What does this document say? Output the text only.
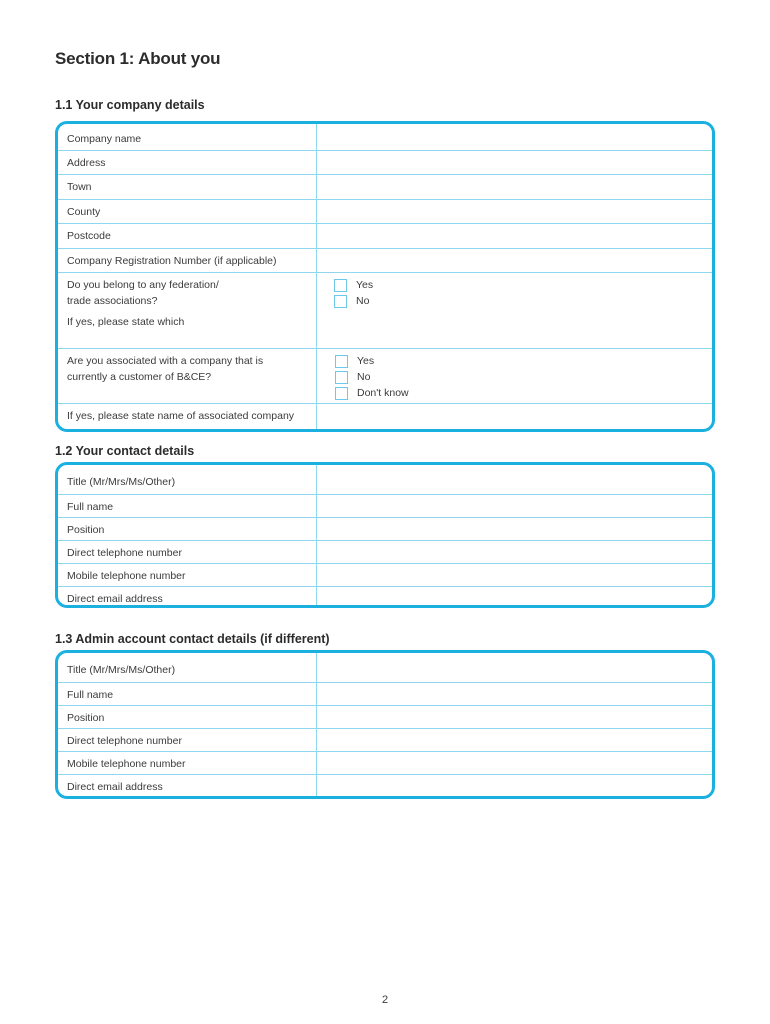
Section 1: About you
1.1 Your company details
Company name
Address
Town
County
Postcode
Company Registration Number (if applicable)
Do you belong to any federation/
trade associations?
If yes, please state which
Yes
No
Are you associated with a company that is
currently a customer of B&CE?
Yes
No
Don't know
If yes, please state name of associated company
1.2 Your contact details
Title (Mr/Mrs/Ms/Other)
Full name
Position
Direct telephone number
Mobile telephone number
Direct email address
1.3 Admin account contact details (if different)
Title (Mr/Mrs/Ms/Other)
Full name
Position
Direct telephone number
Mobile telephone number
Direct email address
2
